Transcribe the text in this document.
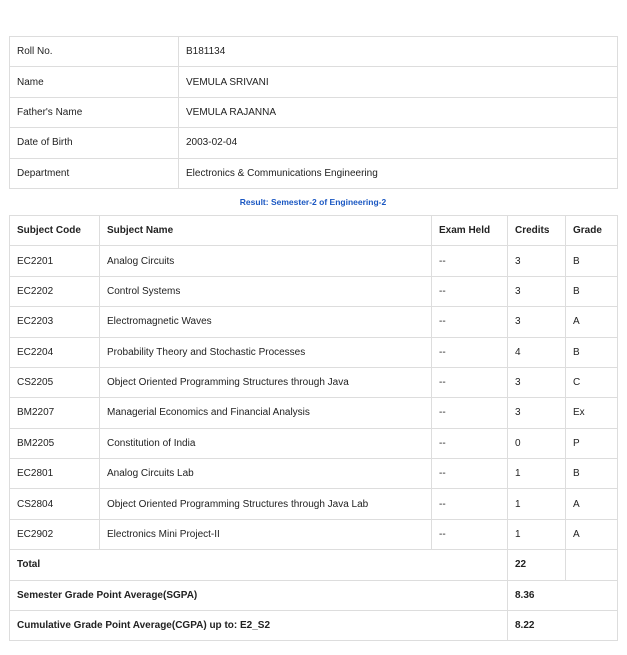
Roll No.	B181134
Name	VEMULA SRIVANI
Father's Name	VEMULA RAJANNA
Date of Birth	2003-02-04
Department	Electronics & Communications Engineering
Result: Semester-2 of Engineering-2
Subject Code	Subject Name	Exam Held	Credits	Grade
EC2201	Analog Circuits	--	3	B
EC2202	Control Systems	--	3	B
EC2203	Electromagnetic Waves	--	3	A
EC2204	Probability Theory and Stochastic Processes	--	4	B
CS2205	Object Oriented Programming Structures through Java	--	3	C
BM2207	Managerial Economics and Financial Analysis	--	3	Ex
BM2205	Constitution of India	--	0	P
EC2801	Analog Circuits Lab	--	1	B
CS2804	Object Oriented Programming Structures through Java Lab	--	1	A
EC2902	Electronics Mini Project-II	--	1	A
Total			22	
Semester Grade Point Average(SGPA)			8.36	
Cumulative Grade Point Average(CGPA) up to: E2_S2			8.22	
